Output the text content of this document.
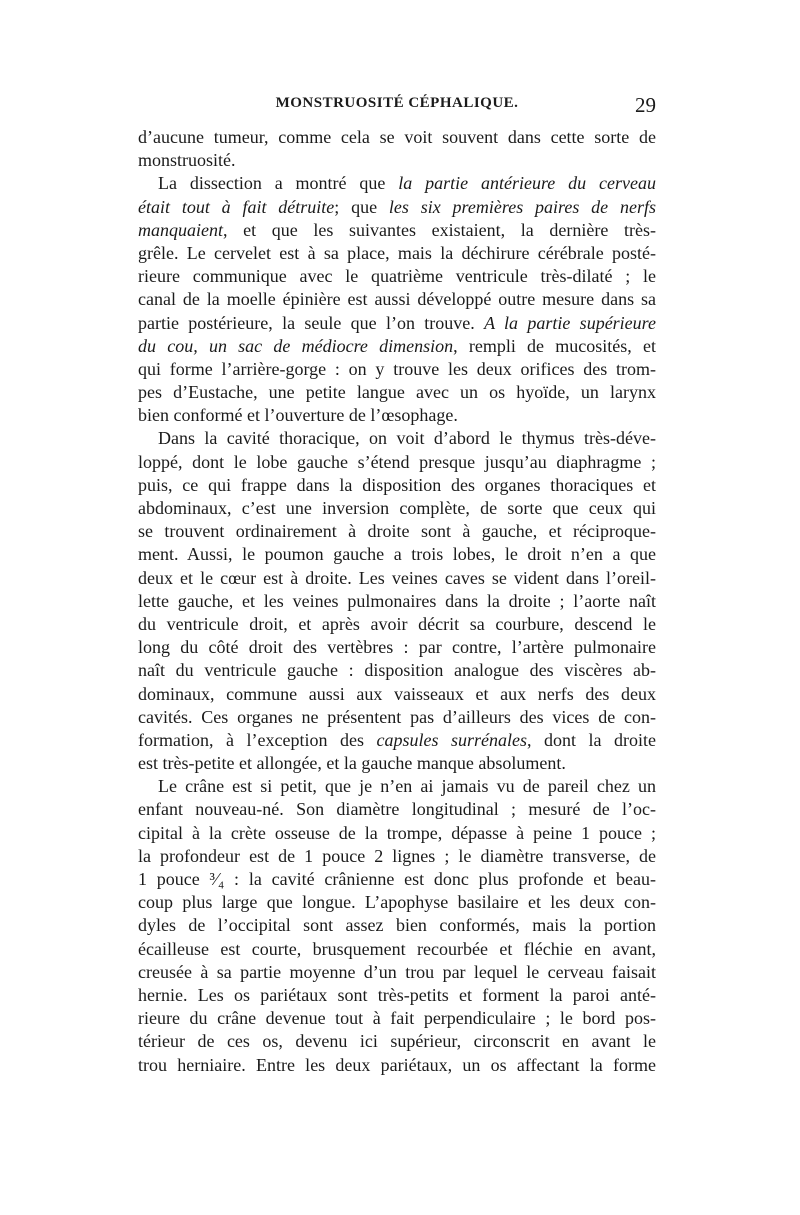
MONSTRUOSITÉ CÉPHALIQUE.	29
d’aucune tumeur, comme cela se voit souvent dans cette sorte de
monstruosité.
La dissection a montré que la partie antérieure du cerveau
était tout à fait détruite; que les six premières paires de nerfs
manquaient, et que les suivantes existaient, la dernière très-
grêle. Le cervelet est à sa place, mais la déchirure cérébrale posté-
rieure communique avec le quatrième ventricule très-dilaté ; le
canal de la moelle épinière est aussi développé outre mesure dans sa
partie postérieure, la seule que l’on trouve. A la partie supérieure
du cou, un sac de médiocre dimension, rempli de mucosités, et
qui forme l’arrière-gorge : on y trouve les deux orifices des trom-
pes d’Eustache, une petite langue avec un os hyoïde, un larynx
bien conformé et l’ouverture de l’œsophage.
Dans la cavité thoracique, on voit d’abord le thymus très-déve-
loppé, dont le lobe gauche s’étend presque jusqu’au diaphragme ;
puis, ce qui frappe dans la disposition des organes thoraciques et
abdominaux, c’est une inversion complète, de sorte que ceux qui
se trouvent ordinairement à droite sont à gauche, et réciproque-
ment. Aussi, le poumon gauche a trois lobes, le droit n’en a que
deux et le cœur est à droite. Les veines caves se vident dans l’oreil-
lette gauche, et les veines pulmonaires dans la droite ; l’aorte naît
du ventricule droit, et après avoir décrit sa courbure, descend le
long du côté droit des vertèbres : par contre, l’artère pulmonaire
naît du ventricule gauche : disposition analogue des viscères ab-
dominaux, commune aussi aux vaisseaux et aux nerfs des deux
cavités. Ces organes ne présentent pas d’ailleurs des vices de con-
formation, à l’exception des capsules surrénales, dont la droite
est très-petite et allongée, et la gauche manque absolument.
Le crâne est si petit, que je n’en ai jamais vu de pareil chez un
enfant nouveau-né. Son diamètre longitudinal ; mesuré de l’oc-
cipital à la crète osseuse de la trompe, dépasse à peine 1 pouce ;
la profondeur est de 1 pouce 2 lignes ; le diamètre transverse, de
1 pouce ³⁄₄ : la cavité crânienne est donc plus profonde et beau-
coup plus large que longue. L’apophyse basilaire et les deux con-
dyles de l’occipital sont assez bien conformés, mais la portion
écailleuse est courte, brusquement recourbée et fléchie en avant,
creusée à sa partie moyenne d’un trou par lequel le cerveau faisait
hernie. Les os pariétaux sont très-petits et forment la paroi anté-
rieure du crâne devenue tout à fait perpendiculaire ; le bord pos-
térieur de ces os, devenu ici supérieur, circonscrit en avant le
trou herniaire. Entre les deux pariétaux, un os affectant la forme
